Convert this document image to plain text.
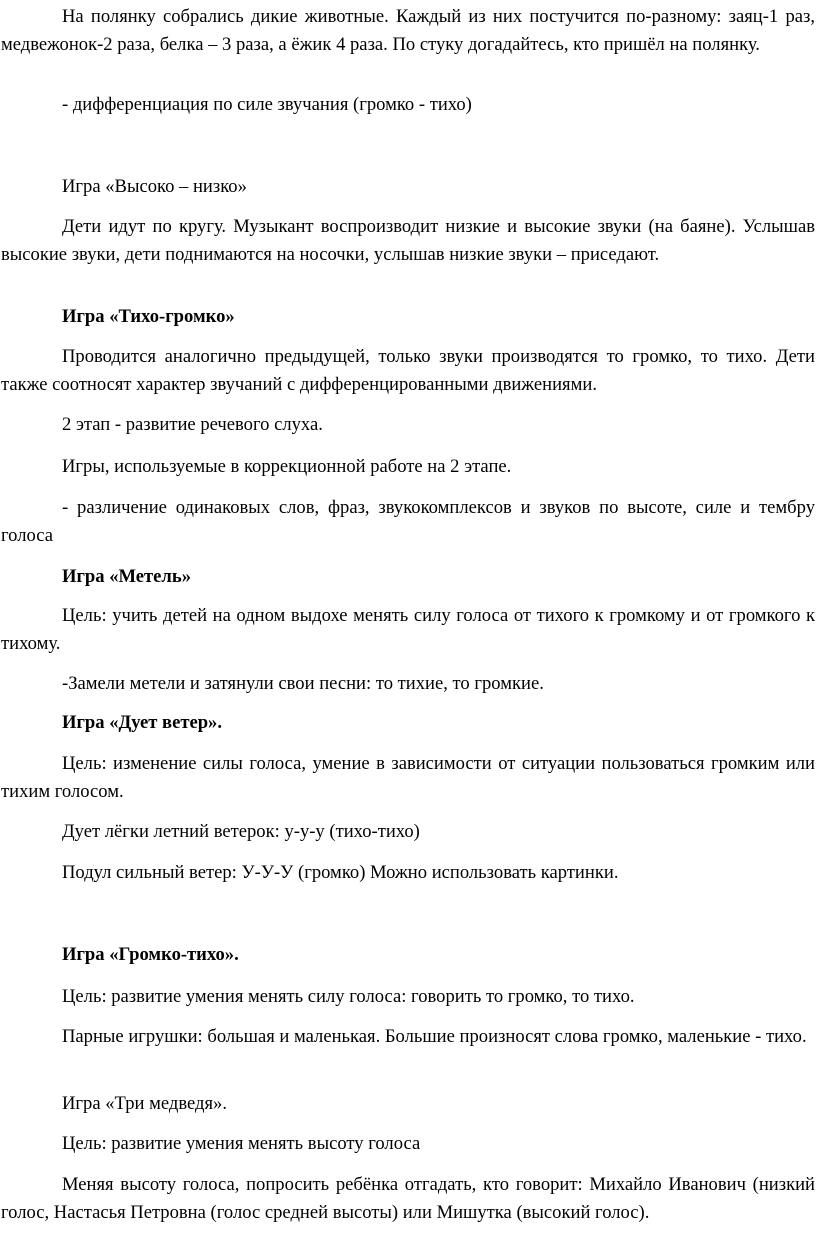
На полянку собрались дикие животные. Каждый из них постучится по-разному: заяц-1 раз, медвежонок-2 раза, белка – 3 раза, а ёжик 4 раза. По стуку догадайтесь, кто пришёл на полянку.

- дифференциация по силе звучания (громко - тихо)

Игра «Высоко – низко»

Дети идут по кругу. Музыкант воспроизводит низкие и высокие звуки (на баяне). Услышав высокие звуки, дети поднимаются на носочки, услышав низкие звуки – приседают.

Игра «Тихо-громко»

Проводится аналогично предыдущей, только звуки производятся то громко, то тихо. Дети также соотносят характер звучаний с дифференцированными движениями.

2 этап - развитие речевого слуха.

Игры, используемые в коррекционной работе на 2 этапе.

- различение одинаковых слов, фраз, звукокомплексов и звуков по высоте, силе и тембру голоса

Игра «Метель»

Цель: учить детей на одном выдохе менять силу голоса от тихого к громкому и от громкого к тихому.

-Замели метели и затянули свои песни: то тихие, то громкие.

Игра «Дует ветер».

Цель: изменение силы голоса, умение в зависимости от ситуации пользоваться громким или тихим голосом.

Дует лёгки летний ветерок: у-у-у (тихо-тихо)

Подул сильный ветер: У-У-У (громко) Можно использовать картинки.

Игра «Громко-тихо».

Цель: развитие умения менять силу голоса: говорить то громко, то тихо.

Парные игрушки: большая и маленькая. Большие произносят слова громко, маленькие - тихо.

Игра «Три медведя».

Цель: развитие умения менять высоту голоса

Меняя высоту голоса, попросить ребёнка отгадать, кто говорит: Михайло Иванович (низкий голос, Настасья Петровна (голос средней высоты) или Мишутка (высокий голос).
